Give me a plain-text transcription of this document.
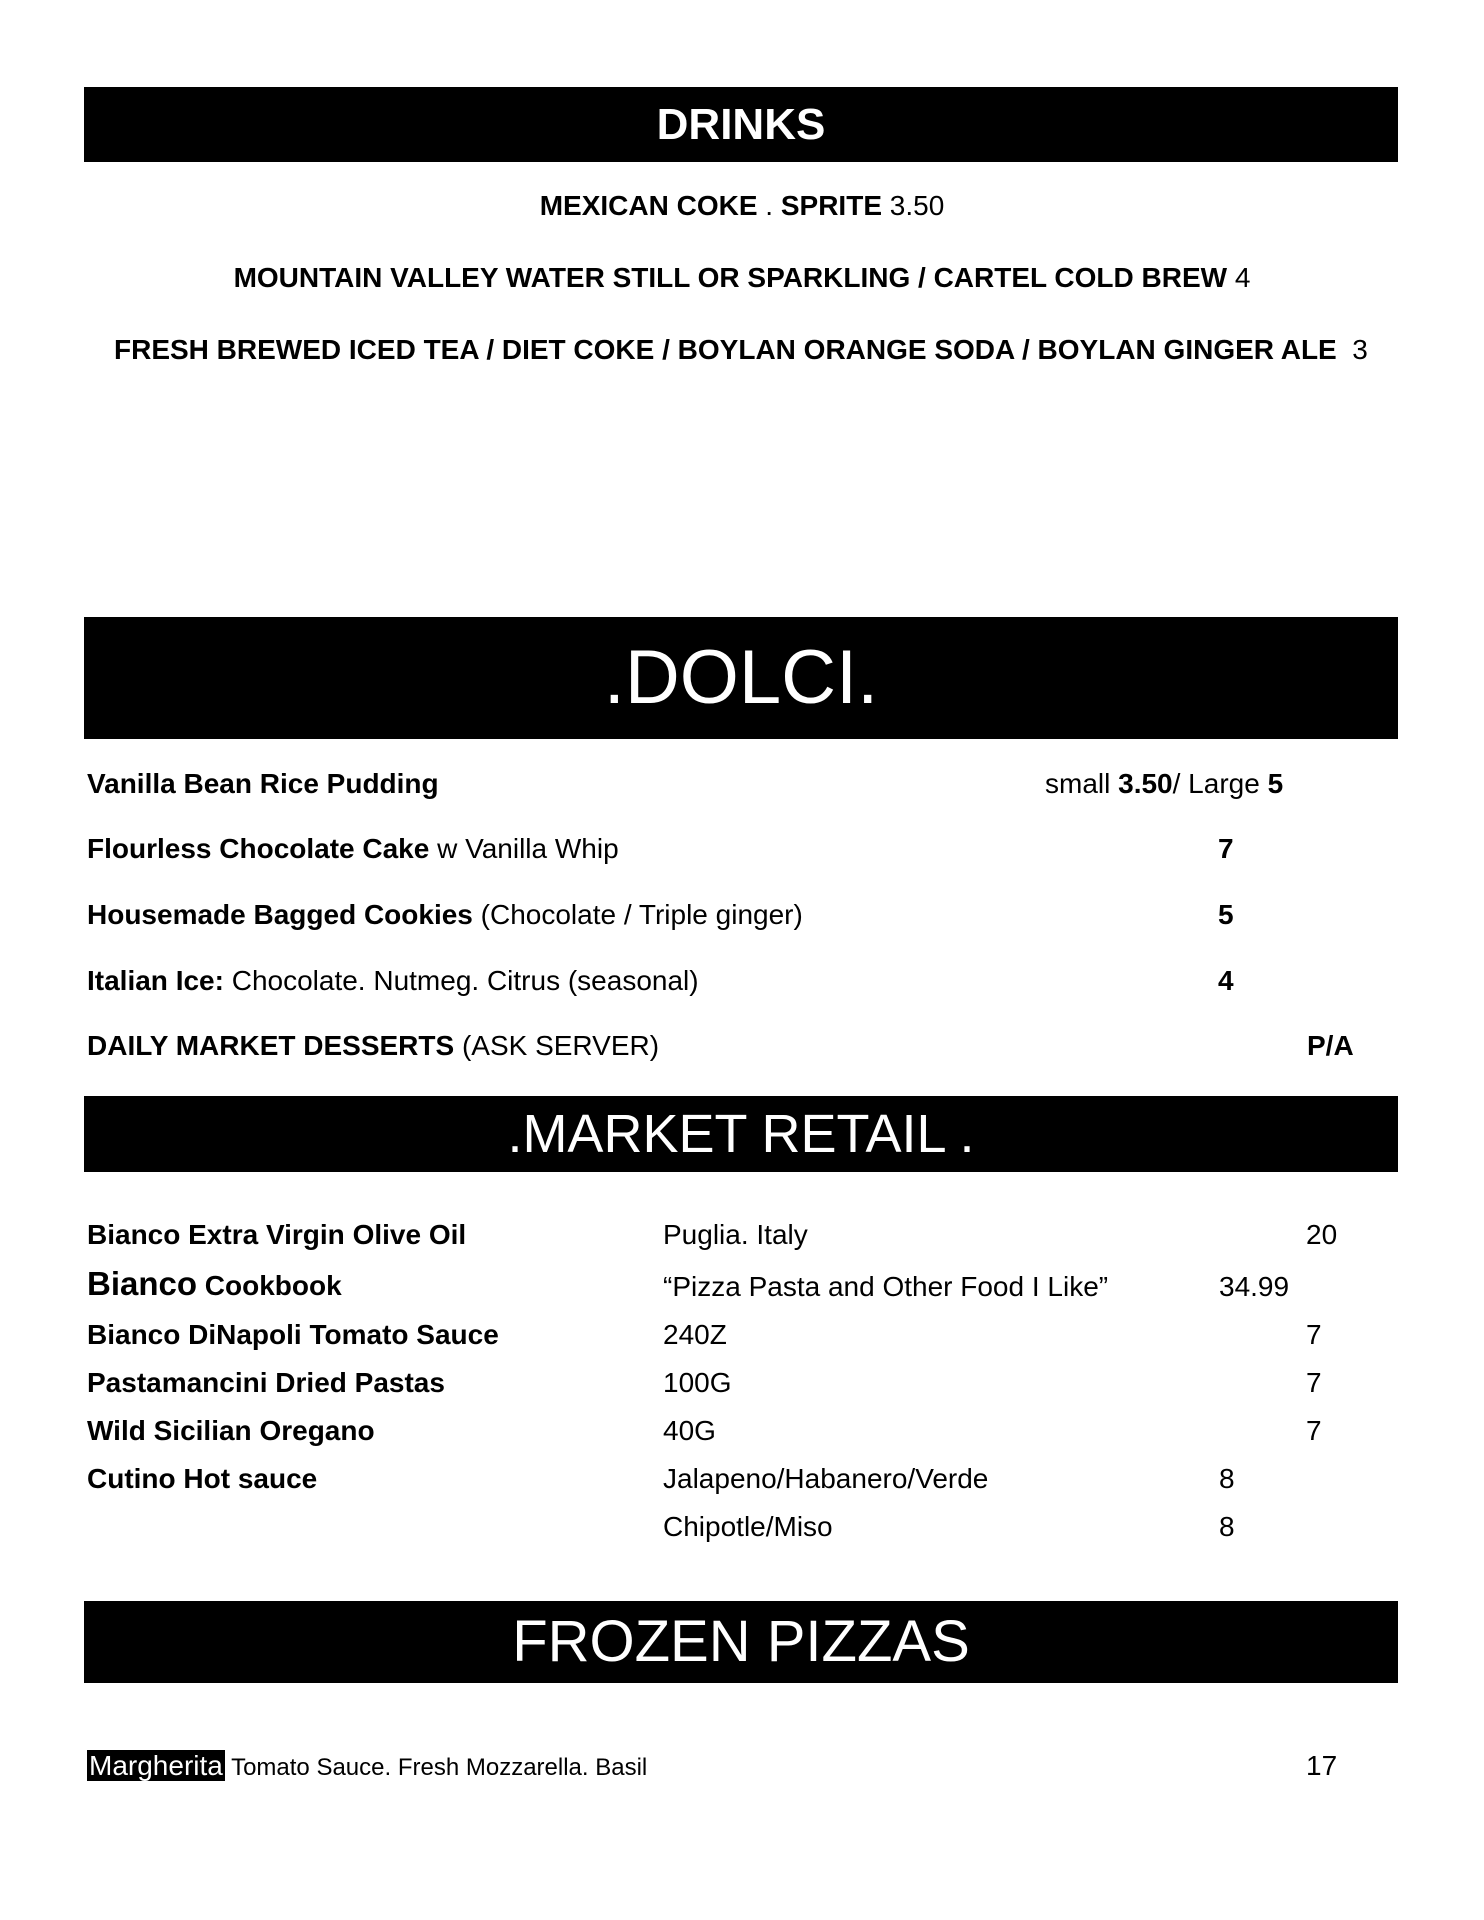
DRINKS
MEXICAN COKE . SPRITE 3.50
MOUNTAIN VALLEY WATER STILL OR SPARKLING / CARTEL COLD BREW 4
FRESH BREWED ICED TEA / DIET COKE / BOYLAN ORANGE SODA / BOYLAN GINGER ALE  3
.DOLCI.
Vanilla Bean Rice Pudding	small 3.50/ Large 5
Flourless Chocolate Cake w Vanilla Whip	7
Housemade Bagged Cookies (Chocolate / Triple ginger)	5
Italian Ice: Chocolate. Nutmeg. Citrus (seasonal)	4
DAILY MARKET DESSERTS (ASK SERVER)	P/A
.MARKET RETAIL .
Bianco Extra Virgin Olive Oil	Puglia. Italy	20
Bianco Cookbook	“Pizza Pasta and Other Food I Like”	34.99
Bianco DiNapoli Tomato Sauce	240Z	7
Pastamancini Dried Pastas	100G	7
Wild Sicilian Oregano	40G	7
Cutino Hot sauce	Jalapeno/Habanero/Verde	8
Chipotle/Miso	8
FROZEN PIZZAS
Margherita Tomato Sauce. Fresh Mozzarella. Basil	17
